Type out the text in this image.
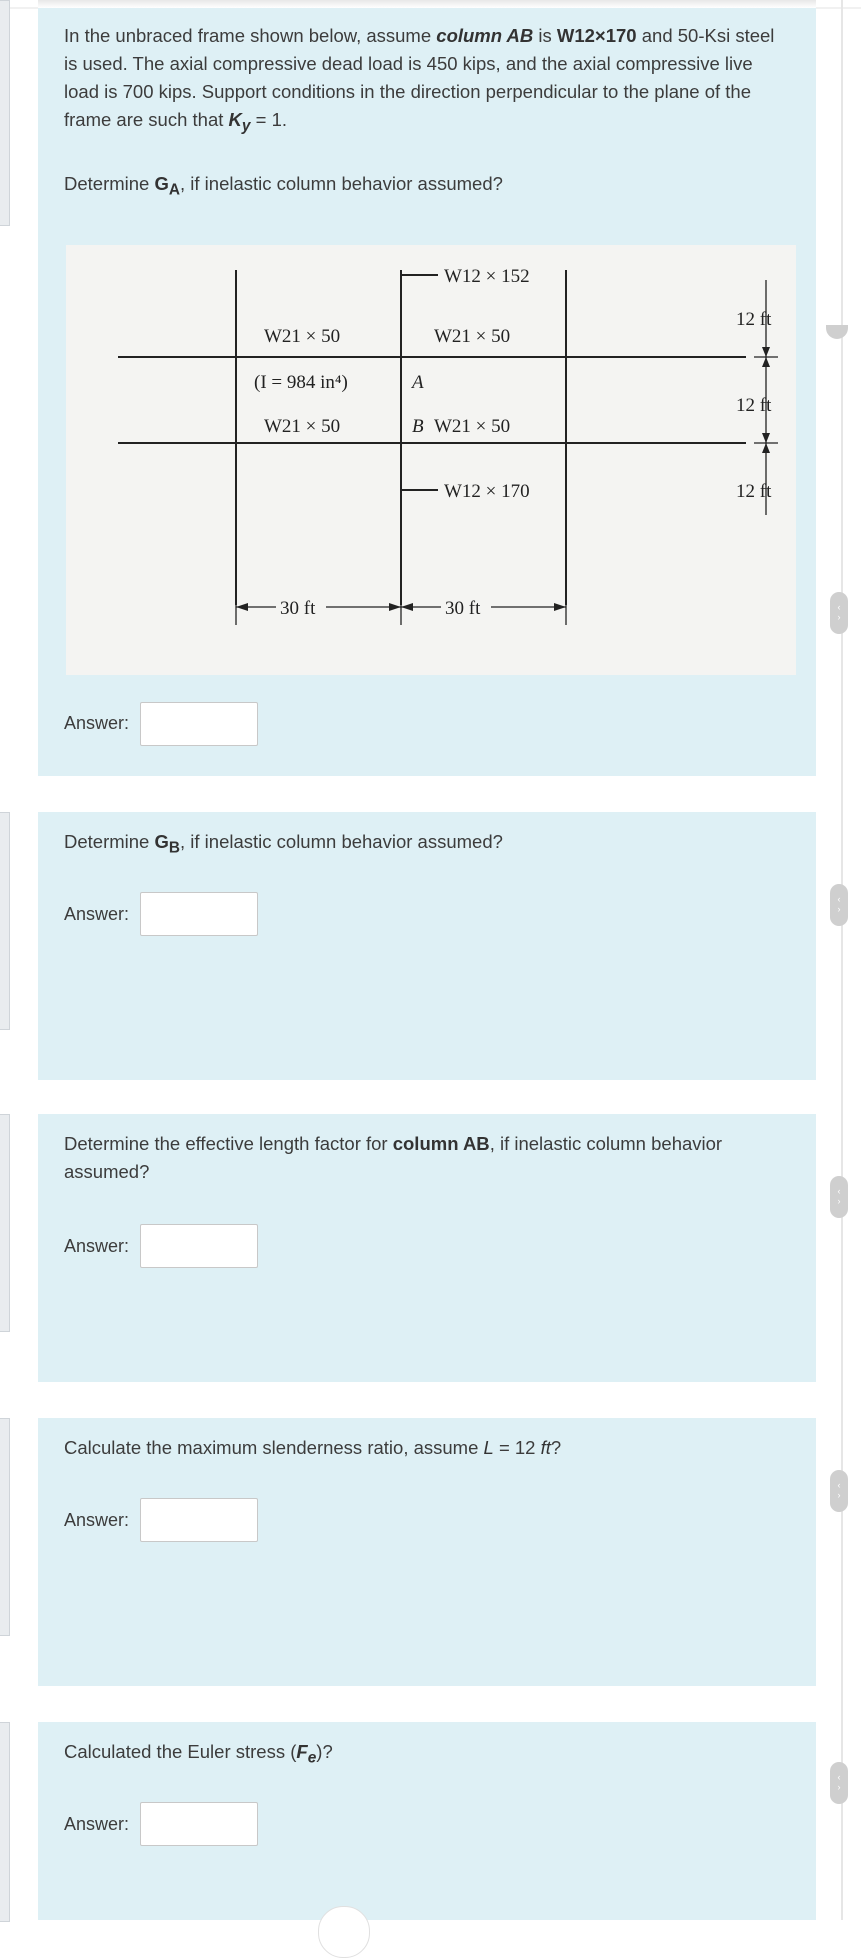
‹
›
‹
›
‹
›
‹
›
‹
›
In the unbraced frame shown below, assume column AB is W12×170 and 50-Ksi steel is used. The axial compressive dead load is 450 kips, and the axial compressive live load is 700 kips. Support conditions in the direction perpendicular to the plane of the frame are such that $K_y = 1$.
Determine $G_A$, if inelastic column behavior assumed?
W12 × 152
W21 × 50	W21 × 50
(I = 984 in⁴)	A
W21 × 50	B W21 × 50
W12 × 170
12 ft
12 ft
12 ft
30 ft	30 ft
Answer:
Determine $G_B$, if inelastic column behavior assumed?
Answer:
Determine the effective length factor for column AB, if inelastic column behavior assumed?
Answer:
Calculate the maximum slenderness ratio, assume L = 12 ft?
Answer:
Calculated the Euler stress $(F_e)$?
Answer:
